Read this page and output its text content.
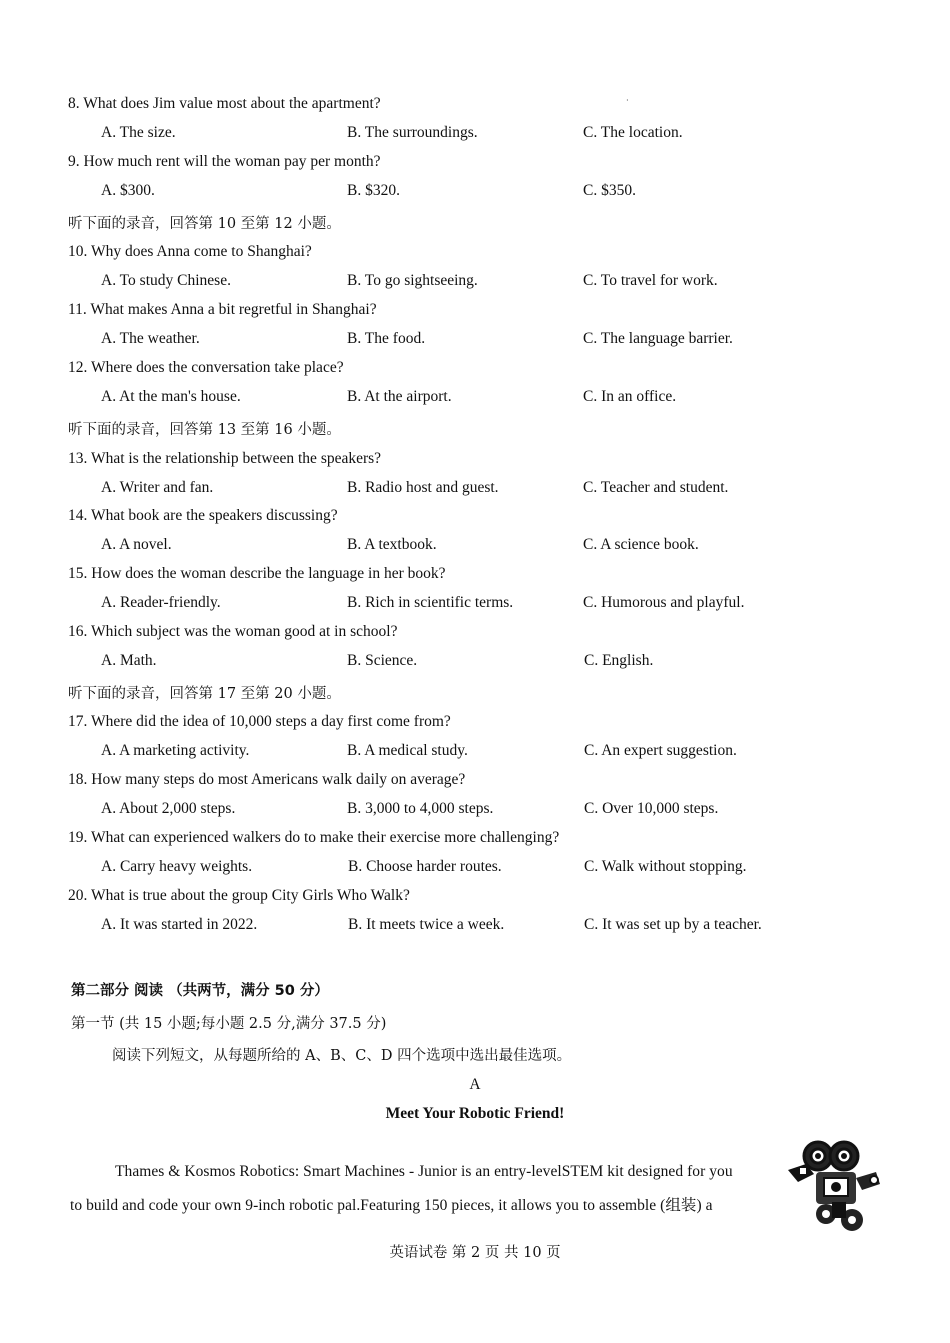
8. What does Jim value most about the apartment?
A. The size.	B. The surroundings.	C. The location.
·
9. How much rent will the woman pay per month?
A. $300.	B. $320.	C. $350.
听下面的录音，回答第 10 至第 12 小题。
10. Why does Anna come to Shanghai?
A. To study Chinese.	B. To go sightseeing.	C. To travel for work.
11. What makes Anna a bit regretful in Shanghai?
A. The weather.	B. The food.	C. The language barrier.
12. Where does the conversation take place?
A. At the man's house.	B. At the airport.	C. In an office.
听下面的录音，回答第 13 至第 16 小题。
13. What is the relationship between the speakers?
A. Writer and fan.	B. Radio host and guest.	C. Teacher and student.
14. What book are the speakers discussing?
A. A novel.	B. A textbook.	C. A science book.
15. How does the woman describe the language in her book?
A. Reader-friendly.	B. Rich in scientific terms.	C. Humorous and playful.
16. Which subject was the woman good at in school?
A. Math.	B. Science.	C. English.
听下面的录音，回答第 17 至第 20 小题。
17. Where did the idea of 10,000 steps a day first come from?
A. A marketing activity.	B. A medical study.	C. An expert suggestion.
18. How many steps do most Americans walk daily on average?
A. About 2,000 steps.	B. 3,000 to 4,000 steps.	C. Over 10,000 steps.
19. What can experienced walkers do to make their exercise more challenging?
A. Carry heavy weights.	B. Choose harder routes.	C. Walk without stopping.
20. What is true about the group City Girls Who Walk?
A. It was started in 2022.	B. It meets twice a week.	C. It was set up by a teacher.
第二部分 阅读 （共两节，满分 50 分）
第一节 (共 15 小题;每小题 2.5 分,满分 37.5 分)
阅读下列短文，从每题所给的 A、B、C、D 四个选项中选出最佳选项。
A
Meet Your Robotic Friend!
Thames & Kosmos Robotics: Smart Machines - Junior is an entry-levelSTEM kit designed for you
to build and code your own 9-inch robotic pal.Featuring 150 pieces, it allows you to assemble (组装) a
英语试卷 第 2 页 共 10 页
